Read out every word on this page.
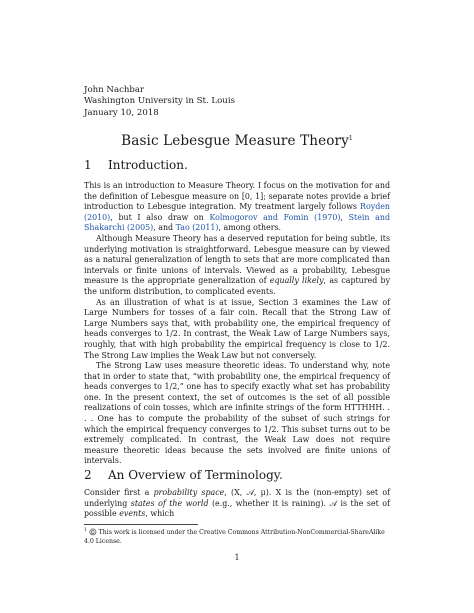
John Nachbar
Washington University in St. Louis
January 10, 2018
Basic Lebesgue Measure Theory$^1$
1 Introduction.

This is an introduction to Measure Theory. I focus on the motivation for and the definition of Lebesgue measure on [0, 1]; separate notes provide a brief introduction to Lebesgue integration. My treatment largely follows Royden (2010), but I also draw on Kolmogorov and Fomin (1970), Stein and Shakarchi (2005), and Tao (2011), among others.

Although Measure Theory has a deserved reputation for being subtle, its underlying motivation is straightforward. Lebesgue measure can by viewed as a natural generalization of length to sets that are more complicated than intervals or finite unions of intervals. Viewed as a probability, Lebesgue measure is the appropriate generalization of equally likely, as captured by the uniform distribution, to complicated events.

As an illustration of what is at issue, Section 3 examines the Law of Large Numbers for tosses of a fair coin. Recall that the Strong Law of Large Numbers says that, with probability one, the empirical frequency of heads converges to 1/2. In contrast, the Weak Law of Large Numbers says, roughly, that with high probability the empirical frequency is close to 1/2. The Strong Law implies the Weak Law but not conversely.

The Strong Law uses measure theoretic ideas. To understand why, note that in order to state that, “with probability one, the empirical frequency of heads converges to 1/2,” one has to specify exactly what set has probability one. In the present context, the set of outcomes is the set of all possible realizations of coin tosses, which are infinite strings of the form HTTHHH. . . . One has to compute the probability of the subset of such strings for which the empirical frequency converges to 1/2. This subset turns out to be extremely complicated. In contrast, the Weak Law does not require measure theoretic ideas because the sets involved are finite unions of intervals.

2 An Overview of Terminology.

Consider first a probability space, (X, 𝒜, μ). X is the (non-empty) set of underlying states of the world (e.g., whether it is raining). 𝒜 is the set of possible events, which

$^1$ ©️ This work is licensed under the Creative Commons Attribution-NonCommercial-ShareAlike 4.0 License.
1
